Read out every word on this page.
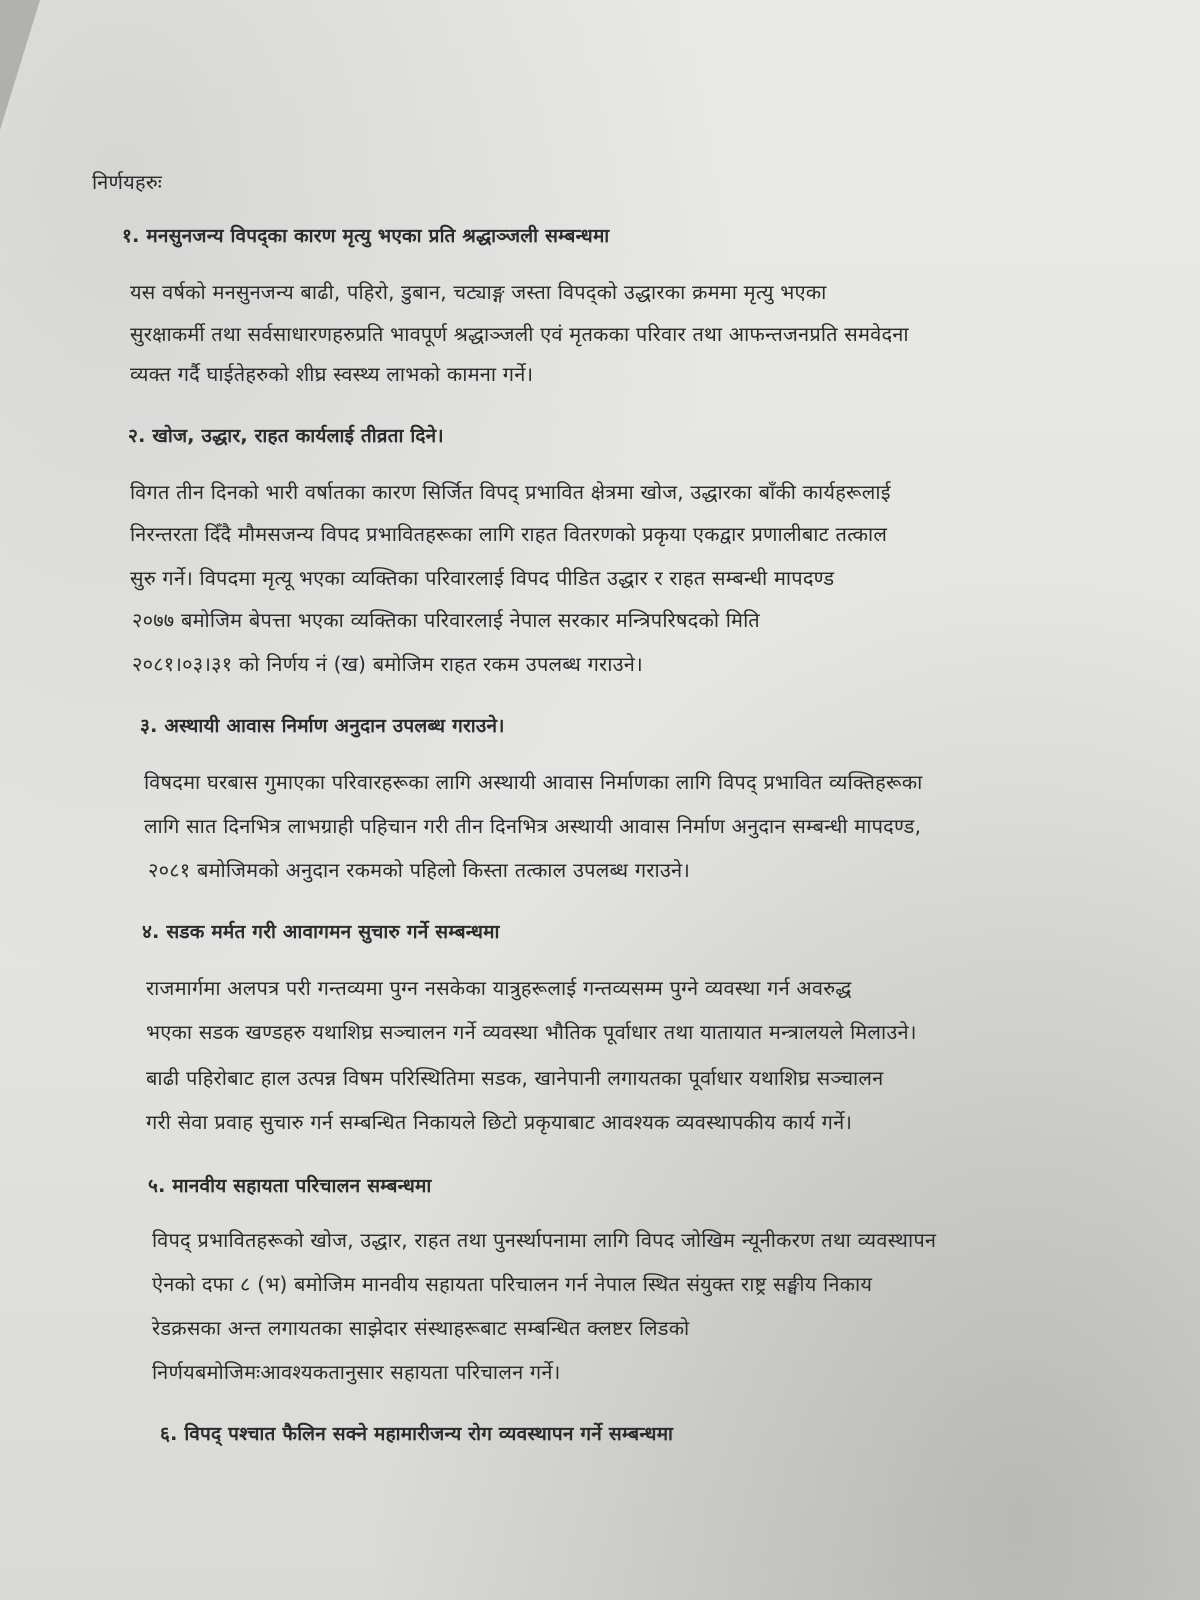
निर्णयहरुः
१. मनसुनजन्य विपद्का कारण मृत्यु भएका प्रति श्रद्धाञ्जली सम्बन्धमा
यस वर्षको मनसुनजन्य बाढी, पहिरो, डुबान, चट्याङ्ग जस्ता विपद्को उद्धारका क्रममा मृत्यु भएका
सुरक्षाकर्मी तथा सर्वसाधारणहरुप्रति भावपूर्ण श्रद्धाञ्जली एवं मृतकका परिवार तथा आफन्तजनप्रति समवेदना
व्यक्त गर्दै घाईतेहरुको शीघ्र स्वस्थ्य लाभको कामना गर्ने।
२. खोज, उद्धार, राहत कार्यलाई तीव्रता दिने।
विगत तीन दिनको भारी वर्षातका कारण सिर्जित विपद् प्रभावित क्षेत्रमा खोज, उद्धारका बाँकी कार्यहरूलाई
निरन्तरता दिँदै मौमसजन्य विपद प्रभावितहरूका लागि राहत वितरणको प्रकृया एकद्वार प्रणालीबाट तत्काल
सुरु गर्ने। विपदमा मृत्यू भएका व्यक्तिका परिवारलाई विपद पीडित उद्धार र राहत सम्बन्धी मापदण्ड
२०७७ बमोजिम बेपत्ता भएका व्यक्तिका परिवारलाई नेपाल सरकार मन्त्रिपरिषदको मिति
२०८१।०३।३१ को निर्णय नं (ख) बमोजिम राहत रकम उपलब्ध गराउने।
३. अस्थायी आवास निर्माण अनुदान उपलब्ध गराउने।
विषदमा घरबास गुमाएका परिवारहरूका लागि अस्थायी आवास निर्माणका लागि विपद् प्रभावित व्यक्तिहरूका
लागि सात दिनभित्र लाभग्राही पहिचान गरी तीन दिनभित्र अस्थायी आवास निर्माण अनुदान सम्बन्धी मापदण्ड,
२०८१ बमोजिमको अनुदान रकमको पहिलो किस्ता तत्काल उपलब्ध गराउने।
४. सडक मर्मत गरी आवागमन सुचारु गर्ने सम्बन्धमा
राजमार्गमा अलपत्र परी गन्तव्यमा पुग्न नसकेका यात्रुहरूलाई गन्तव्यसम्म पुग्ने व्यवस्था गर्न अवरुद्ध
भएका सडक खण्डहरु यथाशिघ्र सञ्चालन गर्ने व्यवस्था भौतिक पूर्वाधार तथा यातायात मन्त्रालयले मिलाउने।
बाढी पहिरोबाट हाल उत्पन्न विषम परिस्थितिमा सडक, खानेपानी लगायतका पूर्वाधार यथाशिघ्र सञ्चालन
गरी सेवा प्रवाह सुचारु गर्न सम्बन्धित निकायले छिटो प्रकृयाबाट आवश्यक व्यवस्थापकीय कार्य गर्ने।
५. मानवीय सहायता परिचालन सम्बन्धमा
विपद् प्रभावितहरूको खोज, उद्धार, राहत तथा पुनर्स्थापनामा लागि विपद जोखिम न्यूनीकरण तथा व्यवस्थापन
ऐनको दफा ८ (भ) बमोजिम मानवीय सहायता परिचालन गर्न नेपाल स्थित संयुक्त राष्ट्र सङ्घीय निकाय
रेडक्रसका अन्त लगायतका साझेदार संस्थाहरूबाट सम्बन्धित क्लष्टर लिडको
निर्णयबमोजिमःआवश्यकतानुसार सहायता परिचालन गर्ने।
६. विपद् पश्चात फैलिन सक्ने महामारीजन्य रोग व्यवस्थापन गर्ने सम्बन्धमा
